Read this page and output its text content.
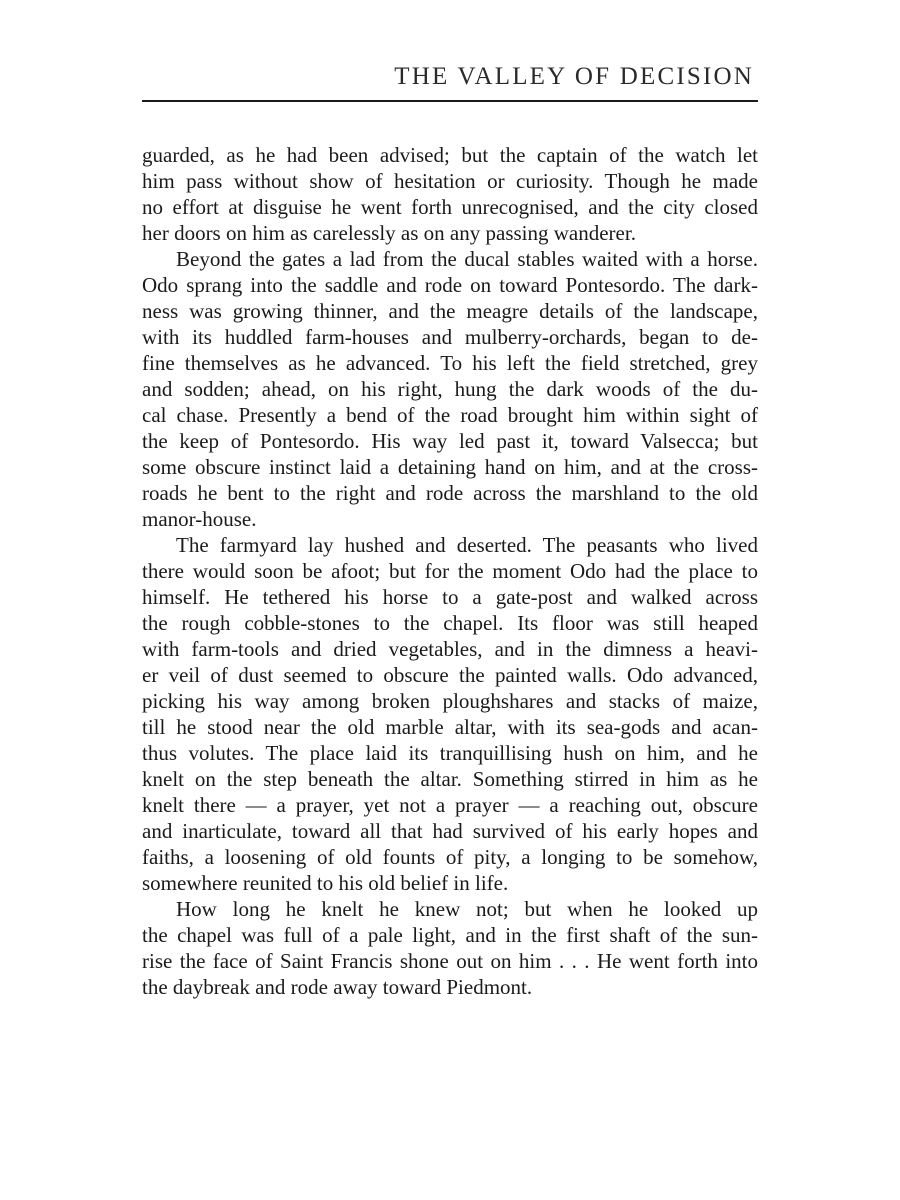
THE VALLEY OF DECISION
guarded, as he had been advised; but the captain of the watch let
him pass without show of hesitation or curiosity. Though he made
no effort at disguise he went forth unrecognised, and the city closed
her doors on him as carelessly as on any passing wanderer.
Beyond the gates a lad from the ducal stables waited with a horse.
Odo sprang into the saddle and rode on toward Pontesordo. The dark-
ness was growing thinner, and the meagre details of the landscape,
with its huddled farm-houses and mulberry-orchards, began to de-
fine themselves as he advanced. To his left the field stretched, grey
and sodden; ahead, on his right, hung the dark woods of the du-
cal chase. Presently a bend of the road brought him within sight of
the keep of Pontesordo. His way led past it, toward Valsecca; but
some obscure instinct laid a detaining hand on him, and at the cross-
roads he bent to the right and rode across the marshland to the old
manor-house.
The farmyard lay hushed and deserted. The peasants who lived
there would soon be afoot; but for the moment Odo had the place to
himself. He tethered his horse to a gate-post and walked across
the rough cobble-stones to the chapel. Its floor was still heaped
with farm-tools and dried vegetables, and in the dimness a heavi-
er veil of dust seemed to obscure the painted walls. Odo advanced,
picking his way among broken ploughshares and stacks of maize,
till he stood near the old marble altar, with its sea-gods and acan-
thus volutes. The place laid its tranquillising hush on him, and he
knelt on the step beneath the altar. Something stirred in him as he
knelt there — a prayer, yet not a prayer — a reaching out, obscure
and inarticulate, toward all that had survived of his early hopes and
faiths, a loosening of old founts of pity, a longing to be somehow,
somewhere reunited to his old belief in life.
How long he knelt he knew not; but when he looked up
the chapel was full of a pale light, and in the first shaft of the sun-
rise the face of Saint Francis shone out on him . . . He went forth into
the daybreak and rode away toward Piedmont.
